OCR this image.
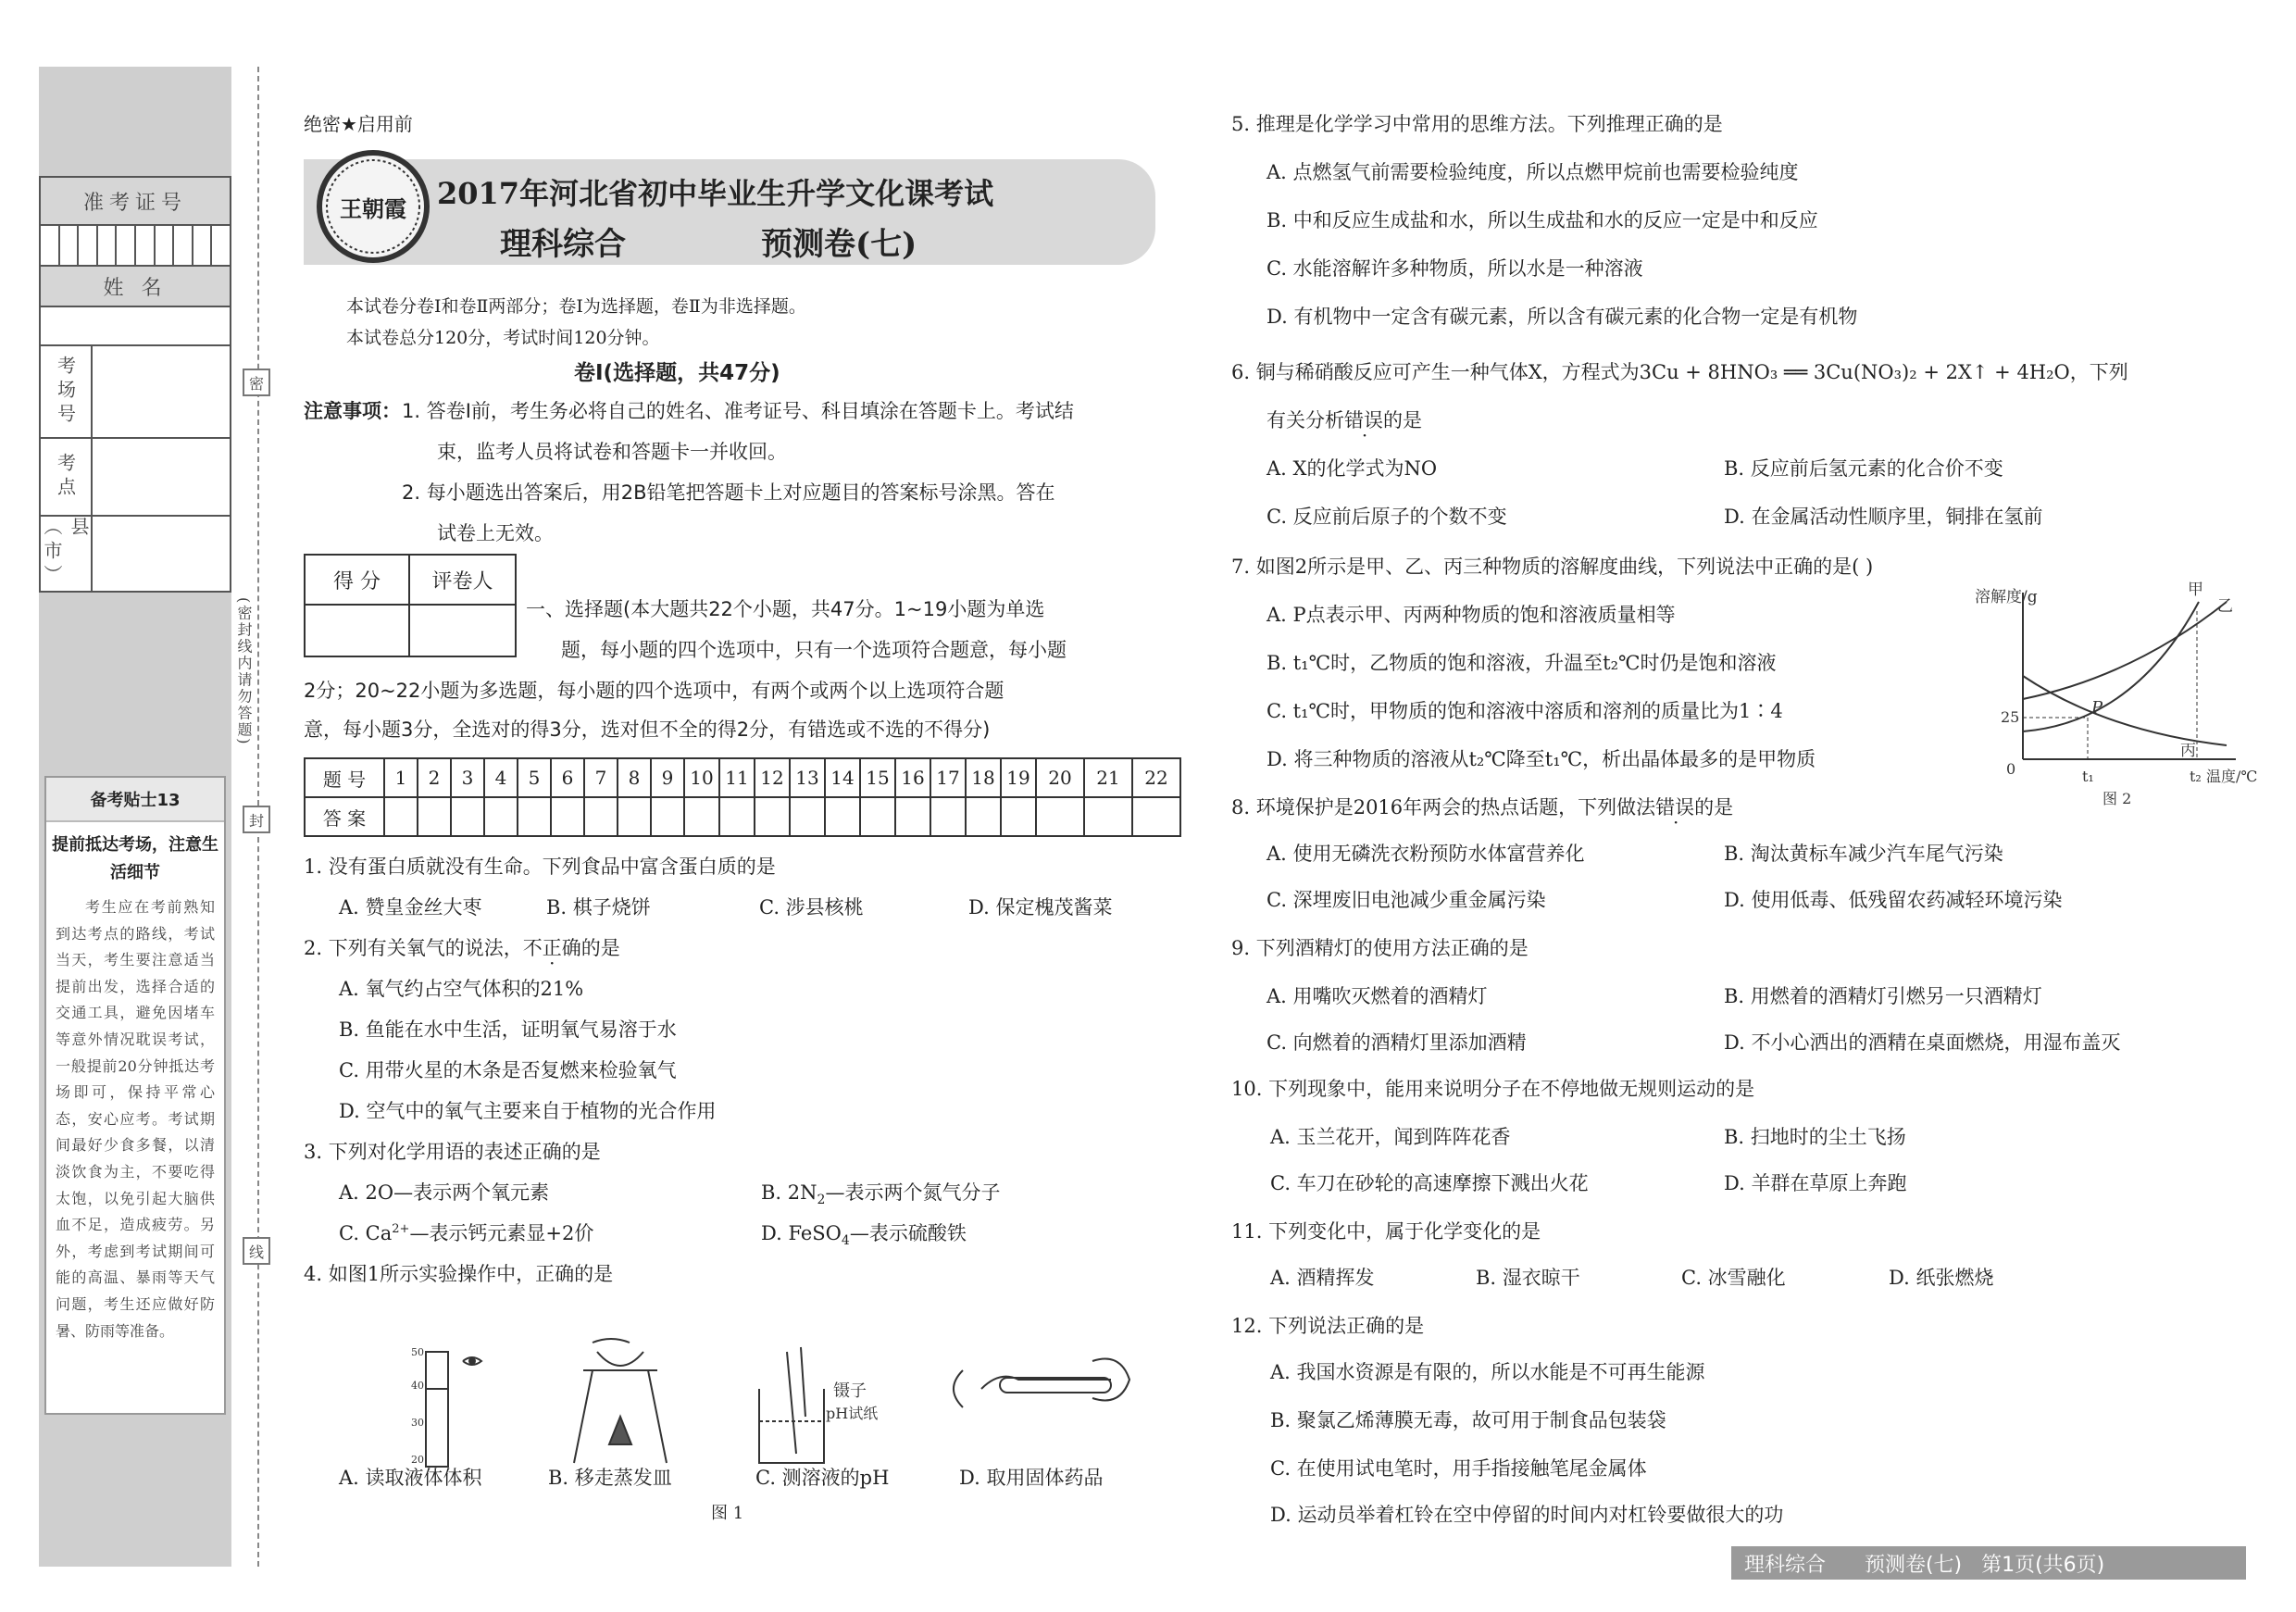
准考证号
姓 名
考场号
考点
县（市）
密
封
线
(密封线内请勿答题)
备考贴士13
提前抵达考场，注意生活细节
考生应在考前熟知到达考点的路线，考试当天，考生要注意适当提前出发，选择合适的交通工具，避免因堵车等意外情况耽误考试，一般提前20分钟抵达考场即可，保持平常心态，安心应考。考试期间最好少食多餐，以清淡饮食为主，不要吃得太饱，以免引起大脑供血不足，造成疲劳。另外，考虑到考试期间可能的高温、暴雨等天气问题，考生还应做好防暑、防雨等准备。
绝密★启用前
王朝霞 2017年河北省初中毕业生升学文化课考试
理科综合	预测卷(七)
本试卷分卷Ⅰ和卷Ⅱ两部分；卷Ⅰ为选择题，卷Ⅱ为非选择题。
本试卷总分120分，考试时间120分钟。
卷Ⅰ(选择题，共47分)
注意事项： 1. 答卷Ⅰ前，考生务必将自己的姓名、准考证号、科目填涂在答题卡上。考试结
束，监考人员将试卷和答题卡一并收回。
2. 每小题选出答案后，用2B铅笔把答题卡上对应题目的答案标号涂黑。答在
试卷上无效。
得 分	评卷人
一、选择题(本大题共22个小题，共47分。1~19小题为单选
题，每小题的四个选项中，只有一个选项符合题意，每小题
2分；20~22小题为多选题，每小题的四个选项中，有两个或两个以上选项符合题
意，每小题3分，全选对的得3分，选对但不全的得2分，有错选或不选的不得分)
题 号	1	2	3	4	5	6	7	8	9	10	11	12	13	14	15	16	17	18	19	20	21	22
答 案																						
1. 没有蛋白质就没有生命。下列食品中富含蛋白质的是
A. 赞皇金丝大枣	B. 棋子烧饼	C. 涉县核桃	D. 保定槐茂酱菜
2. 下列有关氧气的说法，不正确的是
A. 氧气约占空气体积的21%
B. 鱼能在水中生活，证明氧气易溶于水
C. 用带火星的木条是否复燃来检验氧气
D. 空气中的氧气主要来自于植物的光合作用
3. 下列对化学用语的表述正确的是
A. 2O—表示两个氧元素	B. $2N_2—$表示两个氮气分子
C. $Ca^{2+}—$表示钙元素显+2价	D. FeSO$_4$—表示硫酸铁
4. 如图1所示实验操作中，正确的是
50
40
30
20
镊子
pH试纸
A. 读取液体体积	B. 移走蒸发皿	C. 测溶液的pH	D. 取用固体药品
图 1
5. 推理是化学学习中常用的思维方法。下列推理正确的是
A. 点燃氢气前需要检验纯度，所以点燃甲烷前也需要检验纯度
B. 中和反应生成盐和水，所以生成盐和水的反应一定是中和反应
C. 水能溶解许多种物质，所以水是一种溶液
D. 有机物中一定含有碳元素，所以含有碳元素的化合物一定是有机物
6. 铜与稀硝酸反应可产生一种气体X，方程式为3Cu + 8HNO₃ ══ 3Cu(NO₃)₂ + 2X↑ + 4H₂O，下列
有关分析错误的是
A. X的化学式为NO	B. 反应前后氢元素的化合价不变
C. 反应前后原子的个数不变	D. 在金属活动性顺序里，铜排在氢前
7. 如图2所示是甲、乙、丙三种物质的溶解度曲线，下列说法中正确的是( )
A. P点表示甲、丙两种物质的饱和溶液质量相等
B. t₁℃时，乙物质的饱和溶液，升温至t₂℃时仍是饱和溶液
C. t₁℃时，甲物质的饱和溶液中溶质和溶剂的质量比为1∶4
D. 将三种物质的溶液从t₂℃降至t₁℃，析出晶体最多的是甲物质
溶解度/g
25
0	t₁	t₂ 温度/℃
P
甲
乙
丙
图 2
8. 环境保护是2016年两会的热点话题，下列做法错误的是
A. 使用无磷洗衣粉预防水体富营养化	B. 淘汰黄标车减少汽车尾气污染
C. 深埋废旧电池减少重金属污染	D. 使用低毒、低残留农药减轻环境污染
9. 下列酒精灯的使用方法正确的是
A. 用嘴吹灭燃着的酒精灯	B. 用燃着的酒精灯引燃另一只酒精灯
C. 向燃着的酒精灯里添加酒精	D. 不小心洒出的酒精在桌面燃烧，用湿布盖灭
10. 下列现象中，能用来说明分子在不停地做无规则运动的是
A. 玉兰花开，闻到阵阵花香	B. 扫地时的尘土飞扬
C. 车刀在砂轮的高速摩擦下溅出火花	D. 羊群在草原上奔跑
11. 下列变化中，属于化学变化的是
A. 酒精挥发	B. 湿衣晾干	C. 冰雪融化	D. 纸张燃烧
12. 下列说法正确的是
A. 我国水资源是有限的，所以水能是不可再生能源
B. 聚氯乙烯薄膜无毒，故可用于制食品包装袋
C. 在使用试电笔时，用手指接触笔尾金属体
D. 运动员举着杠铃在空中停留的时间内对杠铃要做很大的功
理科综合      预测卷(七)   第1页(共6页)
